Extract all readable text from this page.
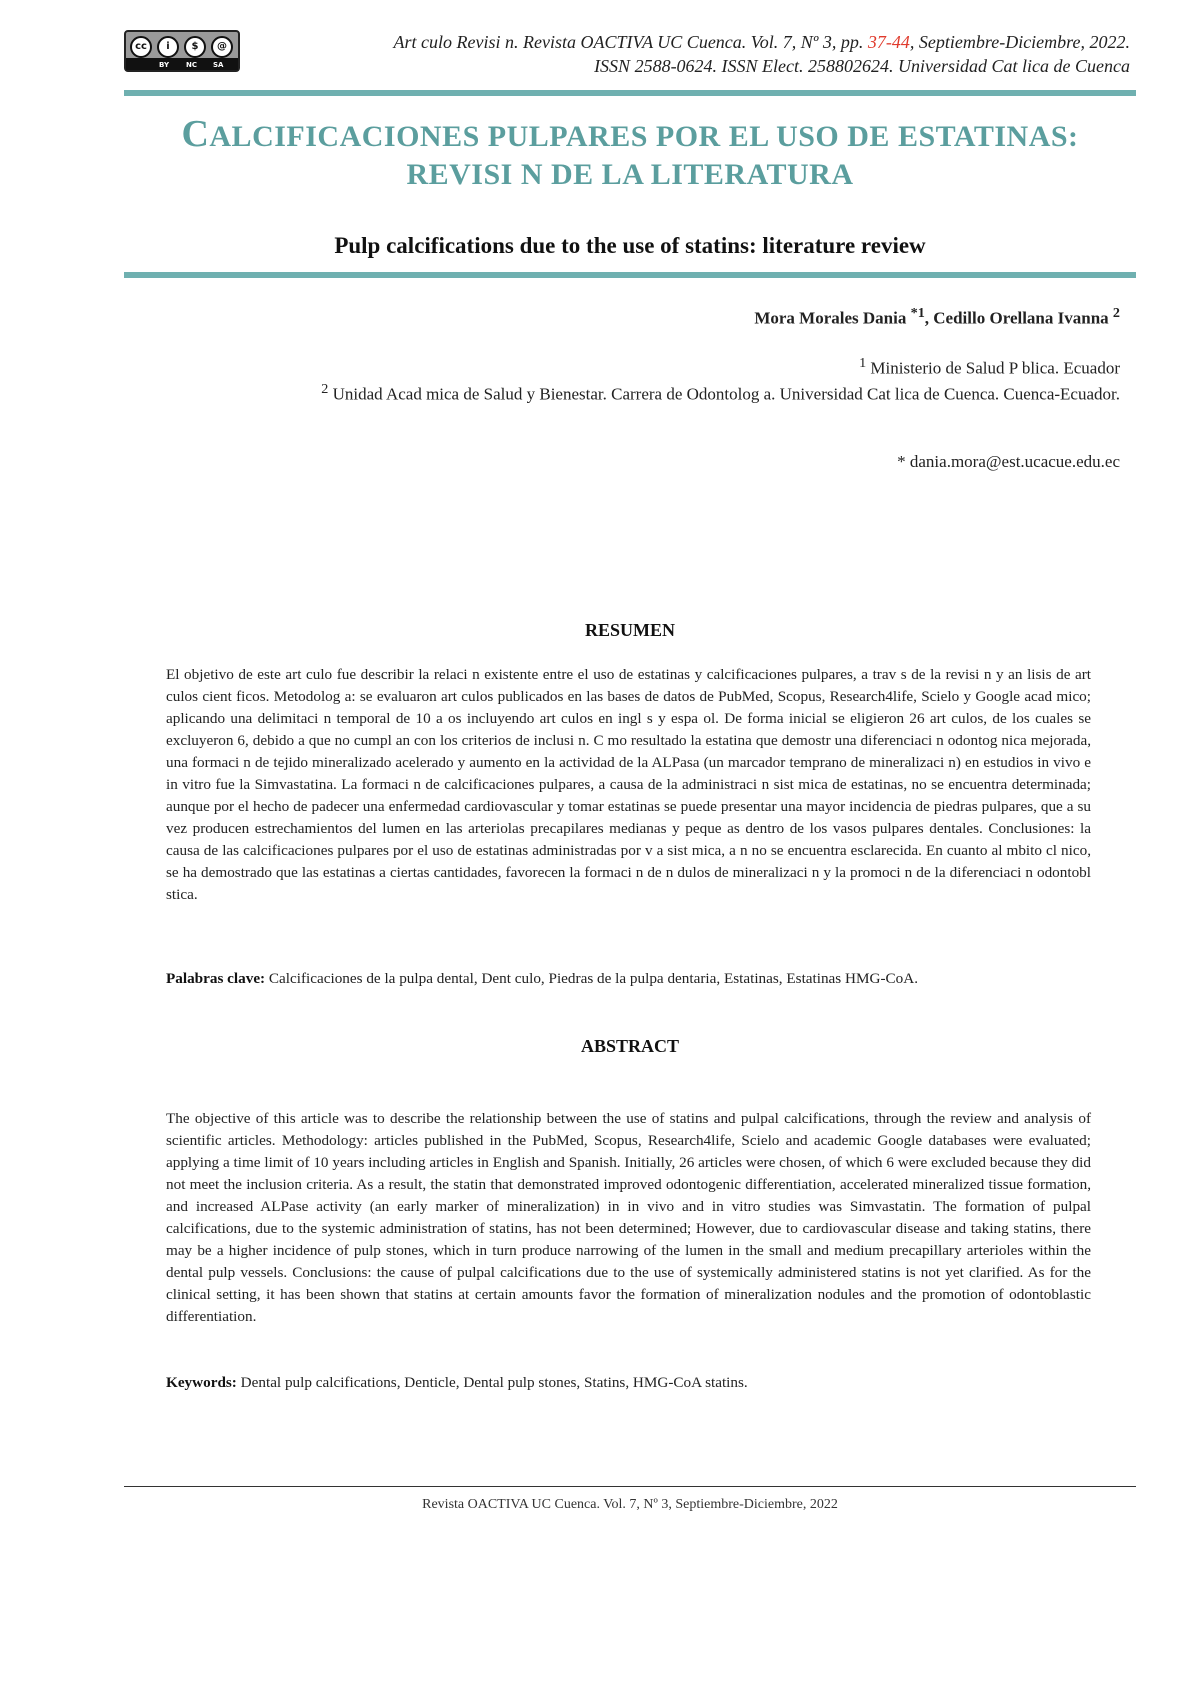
cc	i	$	@
BY NC SA
Art culo Revisi n. Revista OACTIVA UC Cuenca. Vol. 7, Nº 3, pp. 37-44, Septiembre-Diciembre, 2022.
ISSN 2588-0624. ISSN Elect. 258802624. Universidad Cat lica de Cuenca
CALCIFICACIONES PULPARES POR EL USO DE ESTATINAS:
REVISI N DE LA LITERATURA
Pulp calcifications due to the use of statins: literature review
Mora Morales Dania $^{*1}$, Cedillo Orellana Ivanna $^2$
$^1$ Ministerio de Salud P blica. Ecuador
$^2$ Unidad Acad mica de Salud y Bienestar. Carrera de Odontolog a. Universidad Cat lica de Cuenca. Cuenca-Ecuador.
* dania.mora@est.ucacue.edu.ec
RESUMEN
El objetivo de este art culo fue describir la relaci n existente entre el uso de estatinas y calcificaciones pulpares, a trav s de la revisi n y an lisis de art culos cient ficos. Metodolog a: se evaluaron art culos publicados en las bases de datos de PubMed, Scopus, Research4life, Scielo y Google acad mico; aplicando una delimitaci n temporal de 10 a os incluyendo art culos en ingl s y espa ol. De forma inicial se eligieron 26 art culos, de los cuales se excluyeron 6, debido a que no cumpl an con los criterios de inclusi n. C mo resultado la estatina que demostr una diferenciaci n odontog nica mejorada, una formaci n de tejido mineralizado acelerado y aumento en la actividad de la ALPasa (un marcador temprano de mineralizaci n) en estudios in vivo e in vitro fue la Simvastatina. La formaci n de calcificaciones pulpares, a causa de la administraci n sist mica de estatinas, no se encuentra determinada; aunque por el hecho de padecer una enfermedad cardiovascular y tomar estatinas se puede presentar una mayor incidencia de piedras pulpares, que a su vez producen estrechamientos del lumen en las arteriolas precapilares medianas y peque as dentro de los vasos pulpares dentales. Conclusiones: la causa de las calcificaciones pulpares por el uso de estatinas administradas por v a sist mica, a n no se encuentra esclarecida. En cuanto al mbito cl nico, se ha demostrado que las estatinas a ciertas cantidades, favorecen la formaci n de n dulos de mineralizaci n y la promoci n de la diferenciaci n odontobl stica.
Palabras clave: Calcificaciones de la pulpa dental, Dent culo, Piedras de la pulpa dentaria, Estatinas, Estatinas HMG-CoA.
ABSTRACT
The objective of this article was to describe the relationship between the use of statins and pulpal calcifications, through the review and analysis of scientific articles. Methodology: articles published in the PubMed, Scopus, Research4life, Scielo and academic Google databases were evaluated; applying a time limit of 10 years including articles in English and Spanish. Initially, 26 articles were chosen, of which 6 were excluded because they did not meet the inclusion criteria. As a result, the statin that demonstrated improved odontogenic differentiation, accelerated mineralized tissue formation, and increased ALPase activity (an early marker of mineralization) in in vivo and in vitro studies was Simvastatin. The formation of pulpal calcifications, due to the systemic administration of statins, has not been determined; However, due to cardiovascular disease and taking statins, there may be a higher incidence of pulp stones, which in turn produce narrowing of the lumen in the small and medium precapillary arterioles within the dental pulp vessels. Conclusions: the cause of pulpal calcifications due to the use of systemically administered statins is not yet clarified. As for the clinical setting, it has been shown that statins at certain amounts favor the formation of mineralization nodules and the promotion of odontoblastic differentiation.
Keywords: Dental pulp calcifications, Denticle, Dental pulp stones, Statins, HMG-CoA statins.
Revista OACTIVA UC Cuenca. Vol. 7, Nº 3, Septiembre-Diciembre, 2022
